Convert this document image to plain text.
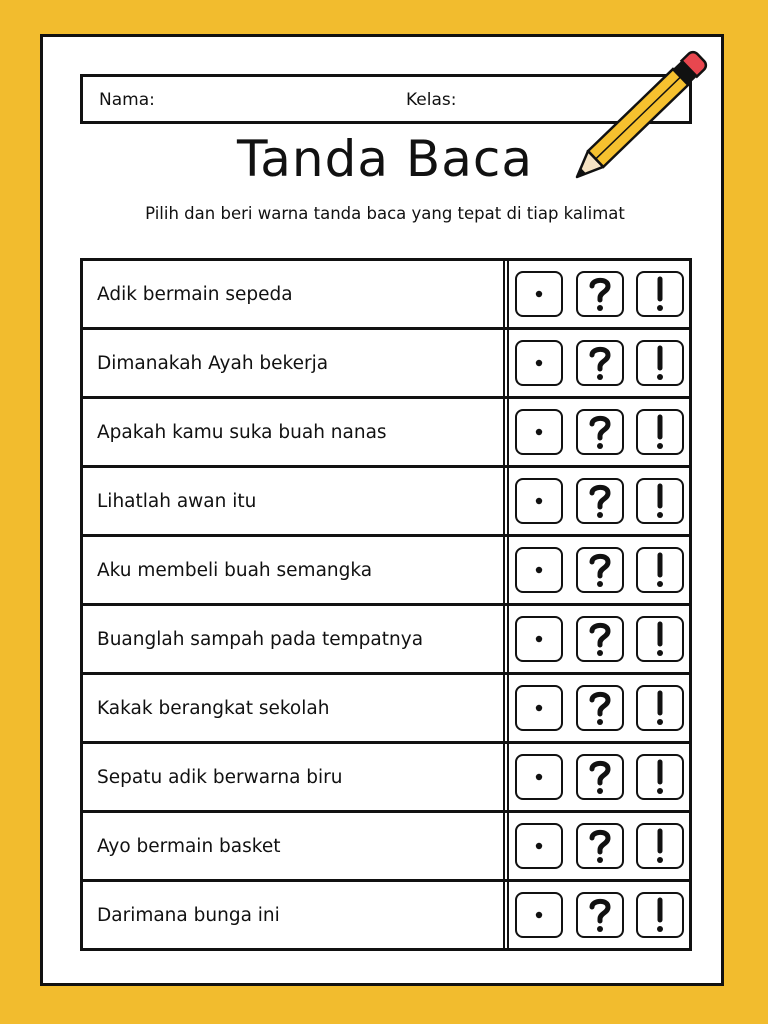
Nama:	Kelas:
Tanda Baca
Pilih dan beri warna tanda baca yang tepat di tiap kalimat
Adik bermain sepeda
Dimanakah Ayah bekerja
Apakah kamu suka buah nanas
Lihatlah awan itu
Aku membeli buah semangka
Buanglah sampah pada tempatnya
Kakak berangkat sekolah
Sepatu adik berwarna biru
Ayo bermain basket
Darimana bunga ini
